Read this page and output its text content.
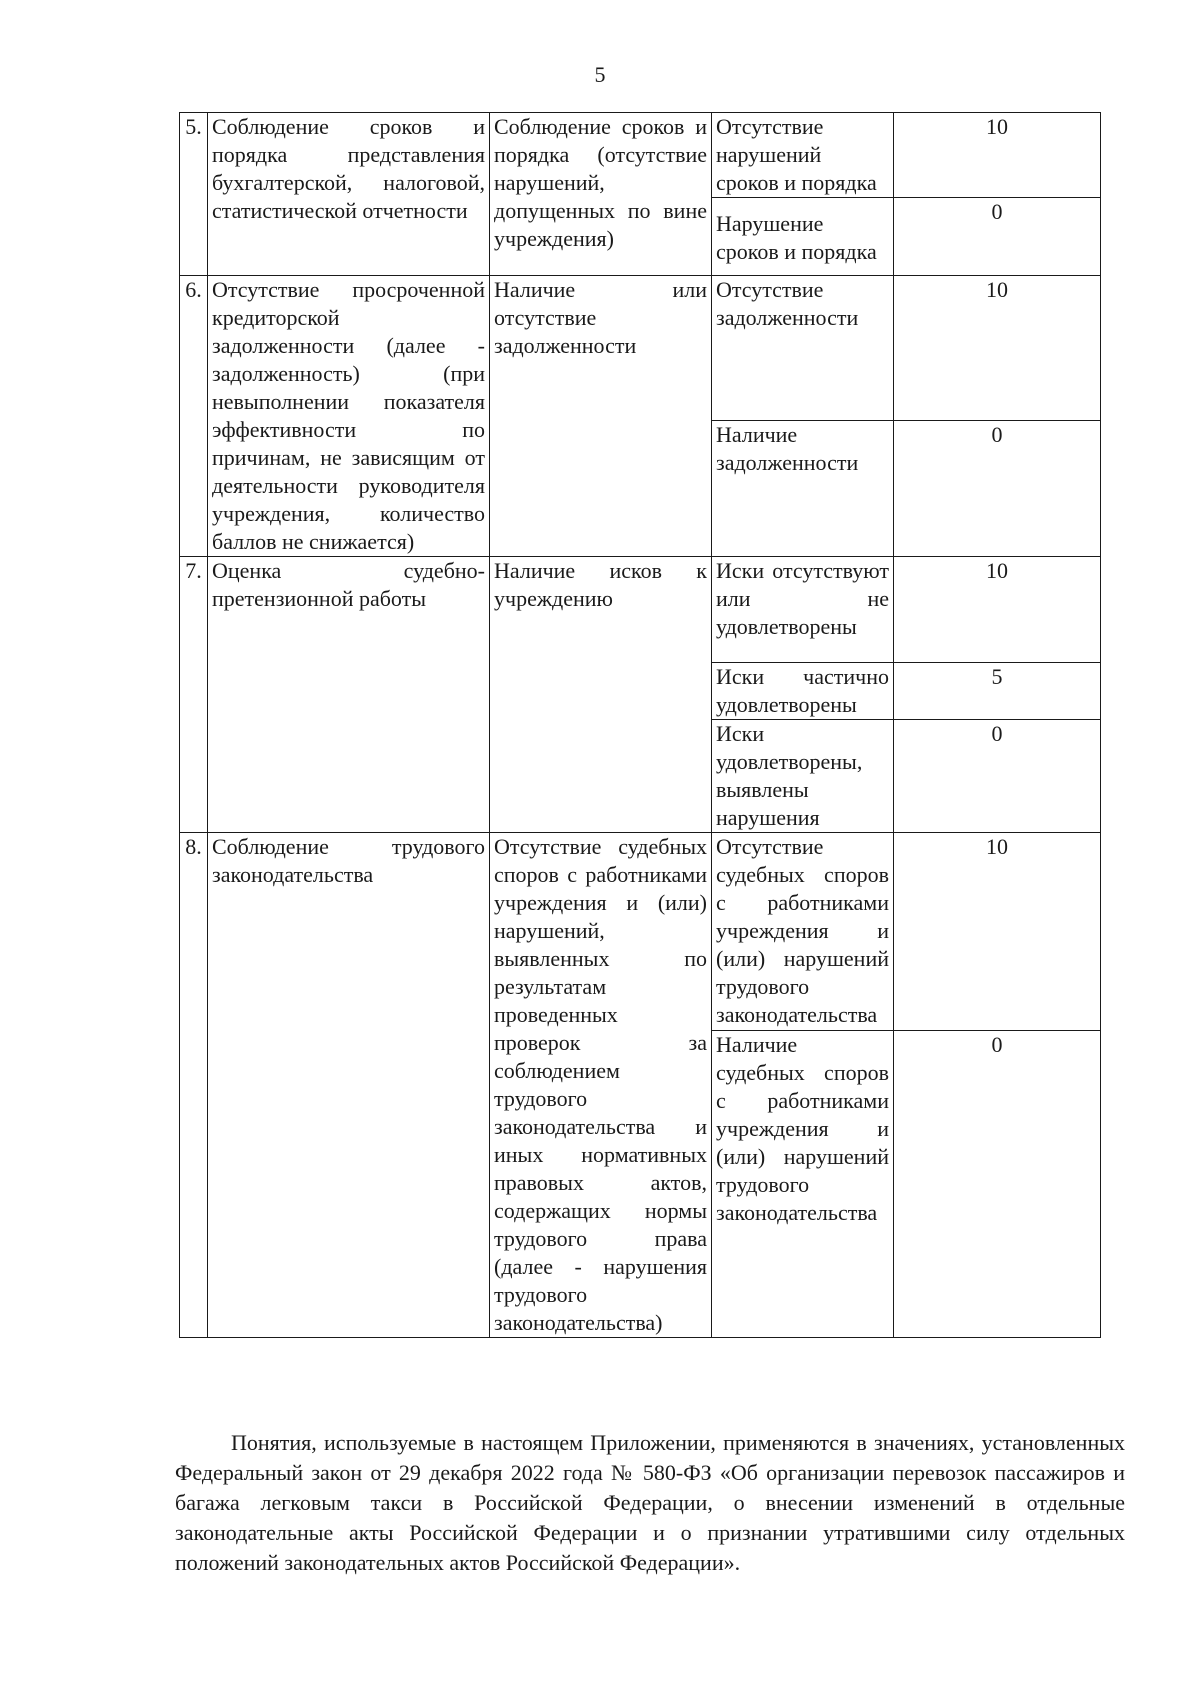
5
5.	Соблюдение сроков и порядка представления бухгалтерской, налоговой, статистической отчетности	Соблюдение сроков и порядка (отсутствие нарушений, допущенных по вине учреждения)	Отсутствие нарушений сроков и порядка	10
			Нарушение сроков и порядка	0
6.	Отсутствие просроченной кредиторской задолженности (далее - задолженность) (при невыполнении показателя эффективности по причинам, не зависящим от деятельности руководителя учреждения, количество баллов не снижается)	Наличие или отсутствие задолженности	Отсутствие задолженности	10
			Наличие задолженности	0
7.	Оценка судебно-претензионной работы	Наличие исков к учреждению	Иски отсутствуют или не удовлетворены	10
			Иски частично удовлетворены	5
			Иски удовлетворены, выявлены нарушения	0
8.	Соблюдение трудового законодательства	Отсутствие судебных споров с работниками учреждения и (или) нарушений, выявленных по результатам проведенных проверок за соблюдением трудового законодательства и иных нормативных правовых актов, содержащих нормы трудового права (далее - нарушения трудового законодательства)	Отсутствие судебных споров с работниками учреждения и (или) нарушений трудового законодательства	10
			Наличие судебных споров с работниками учреждения и (или) нарушений трудового законодательства	0
Понятия, используемые в настоящем Приложении, применяются в значениях, установленных Федеральный закон от 29 декабря 2022 года № 580-ФЗ «Об организации перевозок пассажиров и багажа легковым такси в Российской Федерации, о внесении изменений в отдельные законодательные акты Российской Федерации и о признании утратившими силу отдельных положений законодательных актов Российской Федерации».
